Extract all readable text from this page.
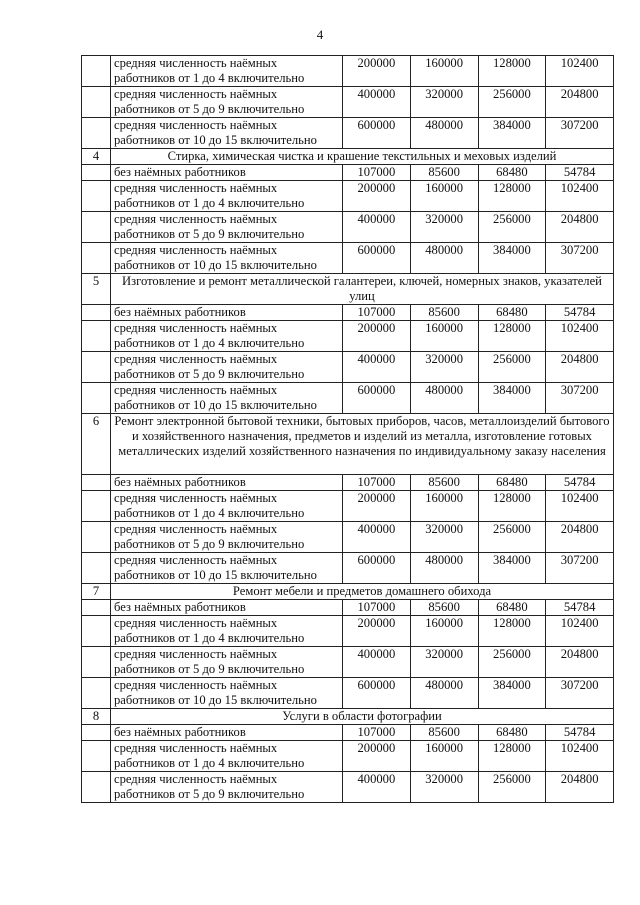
4
	средняя численность наёмных работников от 1 до 4 включительно	200000	160000	128000	102400
	средняя численность наёмных работников от 5 до 9 включительно	400000	320000	256000	204800
	средняя численность наёмных работников от 10 до 15 включительно	600000	480000	384000	307200
4	Стирка, химическая чистка и крашение текстильных и меховых изделий				
	без наёмных работников	107000	85600	68480	54784
	средняя численность наёмных работников от 1 до 4 включительно	200000	160000	128000	102400
	средняя численность наёмных работников от 5 до 9 включительно	400000	320000	256000	204800
	средняя численность наёмных работников от 10 до 15 включительно	600000	480000	384000	307200
5	Изготовление и ремонт металлической галантереи, ключей, номерных знаков, указателей улиц				
	без наёмных работников	107000	85600	68480	54784
	средняя численность наёмных работников от 1 до 4 включительно	200000	160000	128000	102400
	средняя численность наёмных работников от 5 до 9 включительно	400000	320000	256000	204800
	средняя численность наёмных работников от 10 до 15 включительно	600000	480000	384000	307200
6	Ремонт электронной бытовой техники, бытовых приборов, часов, металлоизделий бытового и хозяйственного назначения, предметов и изделий из металла, изготовление готовых металлических изделий хозяйственного назначения по индивидуальному заказу населения				
	без наёмных работников	107000	85600	68480	54784
	средняя численность наёмных работников от 1 до 4 включительно	200000	160000	128000	102400
	средняя численность наёмных работников от 5 до 9 включительно	400000	320000	256000	204800
	средняя численность наёмных работников от 10 до 15 включительно	600000	480000	384000	307200
7	Ремонт мебели и предметов домашнего обихода				
	без наёмных работников	107000	85600	68480	54784
	средняя численность наёмных работников от 1 до 4 включительно	200000	160000	128000	102400
	средняя численность наёмных работников от 5 до 9 включительно	400000	320000	256000	204800
	средняя численность наёмных работников от 10 до 15 включительно	600000	480000	384000	307200
8	Услуги в области фотографии				
	без наёмных работников	107000	85600	68480	54784
	средняя численность наёмных работников от 1 до 4 включительно	200000	160000	128000	102400
	средняя численность наёмных работников от 5 до 9 включительно	400000	320000	256000	204800
